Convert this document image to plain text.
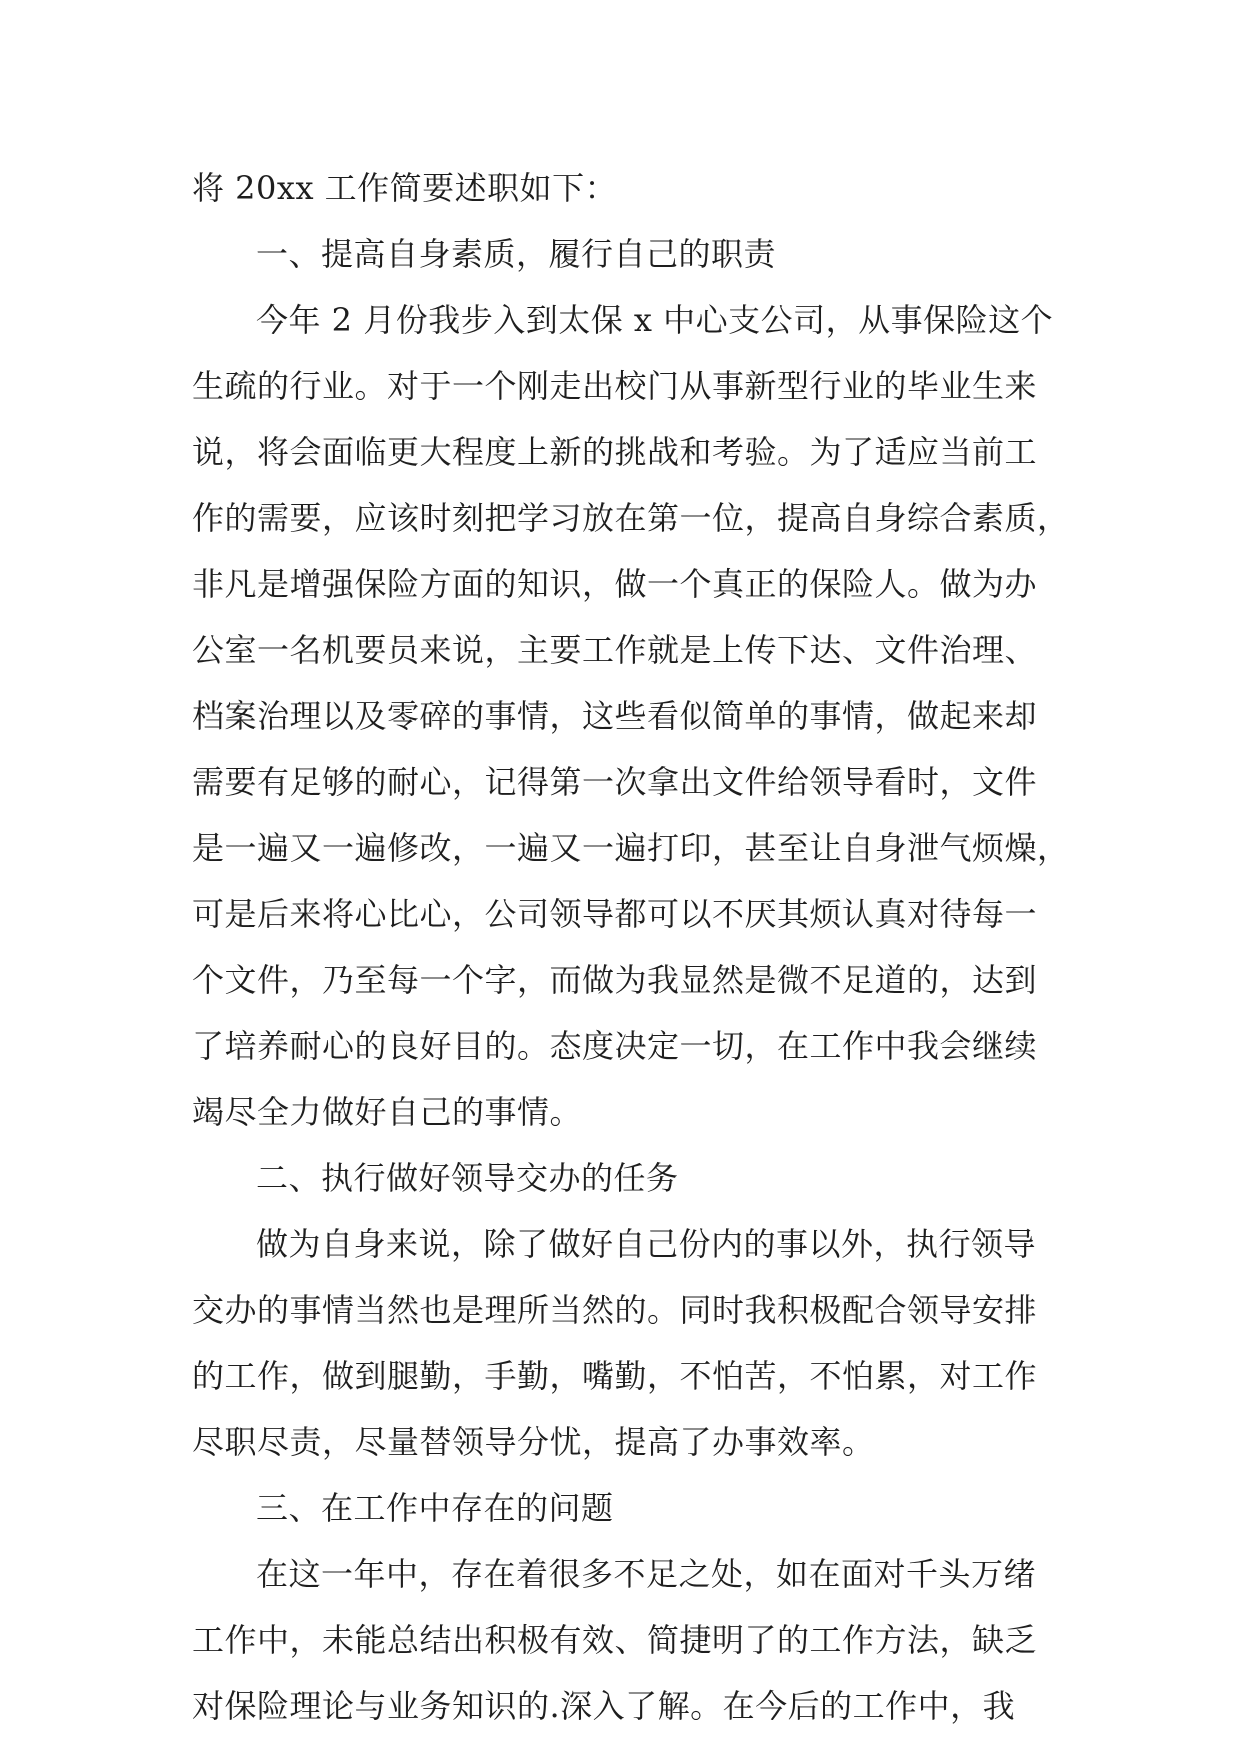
将 20xx 工作简要述职如下：
一、提高自身素质，履行自己的职责
今年 2 月份我步入到太保 x 中心支公司，从事保险这个
生疏的行业。对于一个刚走出校门从事新型行业的毕业生来
说，将会面临更大程度上新的挑战和考验。为了适应当前工
作的需要，应该时刻把学习放在第一位，提高自身综合素质，
非凡是增强保险方面的知识，做一个真正的保险人。做为办
公室一名机要员来说，主要工作就是上传下达、文件治理、
档案治理以及零碎的事情，这些看似简单的事情，做起来却
需要有足够的耐心，记得第一次拿出文件给领导看时，文件
是一遍又一遍修改，一遍又一遍打印，甚至让自身泄气烦燥，
可是后来将心比心，公司领导都可以不厌其烦认真对待每一
个文件，乃至每一个字，而做为我显然是微不足道的，达到
了培养耐心的良好目的。态度决定一切，在工作中我会继续
竭尽全力做好自己的事情。
二、执行做好领导交办的任务
做为自身来说，除了做好自己份内的事以外，执行领导
交办的事情当然也是理所当然的。同时我积极配合领导安排
的工作，做到腿勤，手勤，嘴勤，不怕苦，不怕累，对工作
尽职尽责，尽量替领导分忧，提高了办事效率。
三、在工作中存在的问题
在这一年中，存在着很多不足之处，如在面对千头万绪
工作中，未能总结出积极有效、简捷明了的工作方法，缺乏
对保险理论与业务知识的.深入了解。在今后的工作中，我
